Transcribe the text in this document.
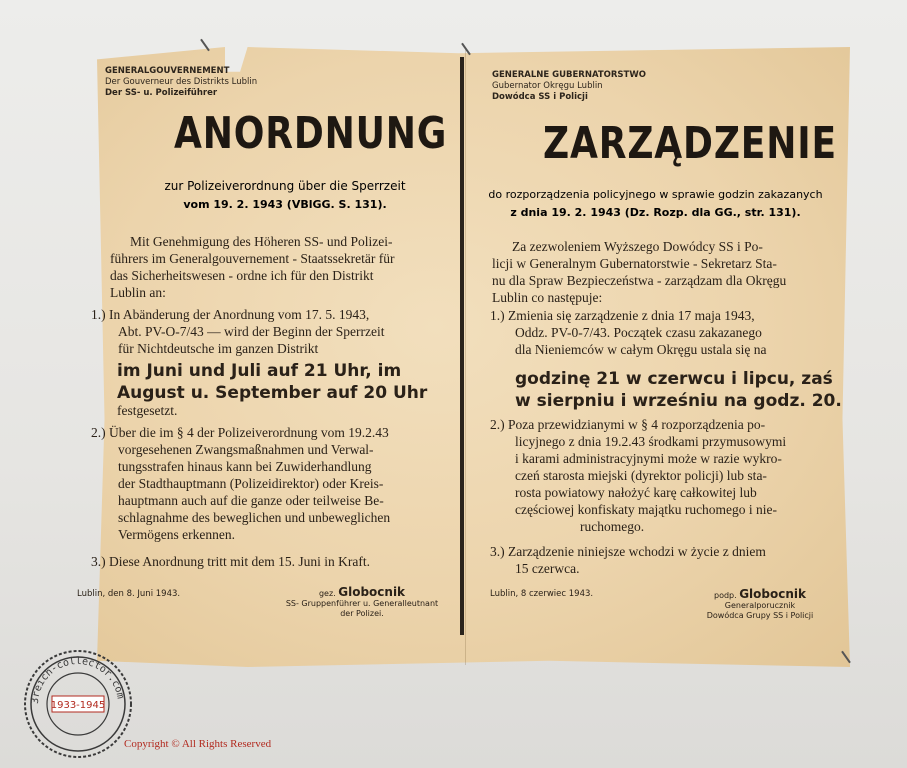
GENERALGOUVERNEMENT
Der Gouverneur des Distrikts Lublin
Der SS- u. Polizeiführer
ANORDNUNG
zur Polizeiverordnung über die Sperrzeit
vom 19. 2. 1943 (VBlGG. S. 131).
Mit Genehmigung des Höheren SS- und Polizei-
führers im Generalgouvernement - Staatssekretär für
das Sicherheitswesen - ordne ich für den Distrikt
Lublin an:
1.) In Abänderung der Anordnung vom 17. 5. 1943,
Abt. PV-O-7/43 — wird der Beginn der Sperrzeit
für Nichtdeutsche im ganzen Distrikt
im Juni und Juli auf 21 Uhr, im
August u. September auf 20 Uhr
festgesetzt.
2.) Über die im § 4 der Polizeiverordnung vom 19.2.43
vorgesehenen Zwangsmaßnahmen und Verwal-
tungsstrafen hinaus kann bei Zuwiderhandlung
der Stadthauptmann (Polizeidirektor) oder Kreis-
hauptmann auch auf die ganze oder teilweise Be-
schlagnahme des beweglichen und unbeweglichen
Vermögens erkennen.
3.) Diese Anordnung tritt mit dem 15. Juni in Kraft.
Lublin, den 8. Juni 1943.	gez. Globocnik
SS- Gruppenführer u. Generalleutnant
der Polizei.
GENERALNE GUBERNATORSTWO
Gubernator Okręgu Lublin
Dowódca SS i Policji
ZARZĄDZENIE
do rozporządzenia policyjnego w sprawie godzin zakazanych
z dnia 19. 2. 1943 (Dz. Rozp. dla GG., str. 131).
Za zezwoleniem Wyższego Dowódcy SS i Po-
licji w Generalnym Gubernatorstwie - Sekretarz Sta-
nu dla Spraw Bezpieczeństwa - zarządzam dla Okręgu
Lublin co następuje:
1.) Zmienia się zarządzenie z dnia 17 maja 1943,
Oddz. PV-0-7/43. Początek czasu zakazanego
dla Nieniemców w całym Okręgu ustala się na
godzinę 21 w czerwcu i lipcu, zaś
w sierpniu i wrześniu na godz. 20.
2.) Poza przewidzianymi w § 4 rozporządzenia po-
licyjnego z dnia 19.2.43 środkami przymusowymi
i karami administracyjnymi może w razie wykro-
czeń starosta miejski (dyrektor policji) lub sta-
rosta powiatowy nałożyć karę całkowitej lub
częściowej konfiskaty majątku ruchomego i nie-
ruchomego.
3.) Zarządzenie niniejsze wchodzi w życie z dniem
15 czerwca.
Lublin, 8 czerwiec 1943.	podp. Globocnik
Generalporucznik
Dowódca Grupy SS i Policji
3reich-collector.com
1933-1945
Copyright © All Rights Reserved
